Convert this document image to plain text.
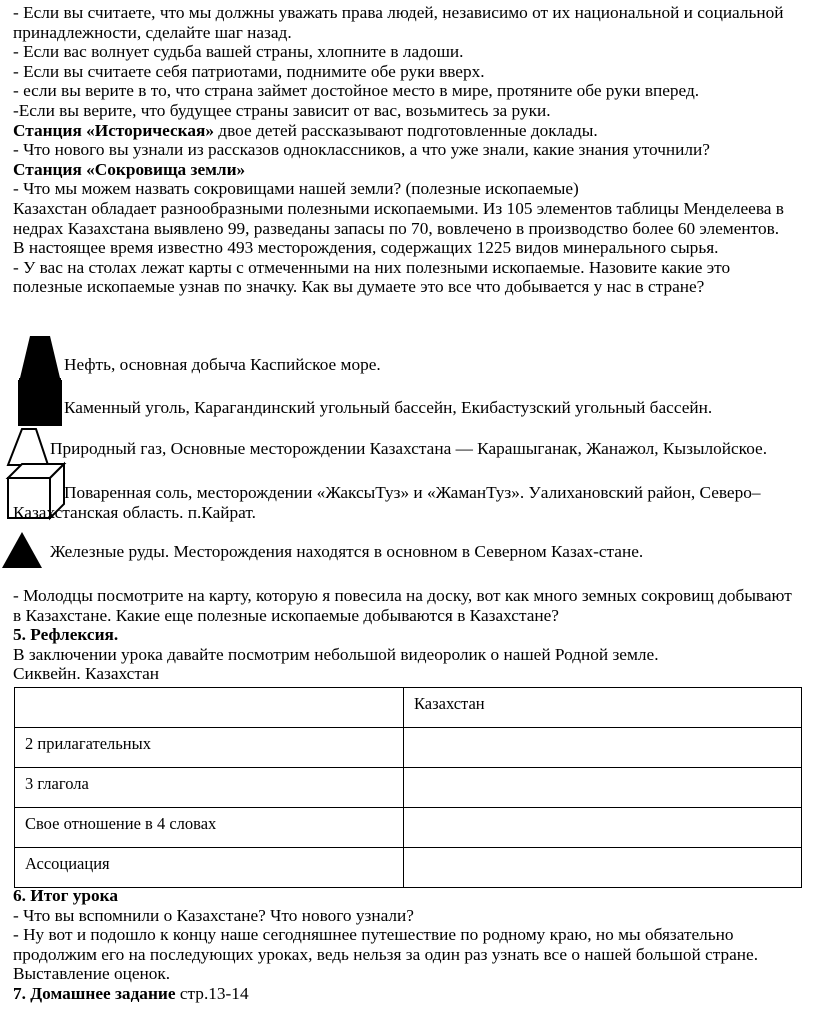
- Если вы считаете, что мы должны уважать права людей, независимо от их национальной и социальной принадлежности, сделайте шаг назад.

- Если вас волнует судьба вашей страны, хлопните в ладоши.

- Если вы считаете себя патриотами, поднимите обе руки вверх.

- если вы верите в то, что страна займет достойное место в мире, протяните обе руки вперед.

-Если вы верите, что будущее страны зависит от вас, возьмитесь за руки.

Станция «Историческая» двое детей рассказывают подготовленные доклады.

- Что нового вы узнали из рассказов одноклассников, а что уже знали, какие знания уточнили?

Станция «Сокровища земли»

- Что мы можем назвать сокровищами нашей земли? (полезные ископаемые)

Казахстан обладает разнообразными полезными ископаемыми. Из 105 элементов таблицы Менделеева в недрах Казахстана выявлено 99, разведаны запасы по 70, вовлечено в производство более 60 элементов.

В настоящее время известно 493 месторождения, содержащих 1225 видов минерального сырья.

- У вас на столах лежат карты с отмеченными на них полезными ископаемые. Назовите какие это полезные ископаемые узнав по значку. Как вы думаете это все что добывается у нас в стране?

Нефть, основная добыча Каспийское море.
Каменный уголь, Карагандинский угольный бассейн, Екибастузский угольный бассейн.
Природный газ, Основные месторождении Казахстана — Карашыганак, Жанажол, Кызылойское.
Поваренная соль, месторождении «ЖаксыТуз» и «ЖаманТуз». Уалихановский район, Северо–
Казахстанская область. п.Кайрат.
Железные руды. Месторождения находятся в основном в Северном Казах-стане.

- Молодцы посмотрите на карту, которую я повесила на доску, вот как много земных сокровищ добывают в Казахстане. Какие еще полезные ископаемые добываются в Казахстане?

5. Рефлексия.

В заключении урока давайте посмотрим небольшой видеоролик о нашей Родной земле.

Сиквейн. Казахстан

	Казахстан
2 прилагательных	
3 глагола	
Свое отношение в 4 словах	
Ассоциация	

6. Итог урока

- Что вы вспомнили о Казахстане? Что нового узнали?

- Ну вот и подошло к концу наше сегодняшнее путешествие по родному краю, но мы обязательно продолжим его на последующих уроках, ведь нельзя за один раз узнать все о нашей большой стране.

Выставление оценок.

7. Домашнее задание стр.13-14
